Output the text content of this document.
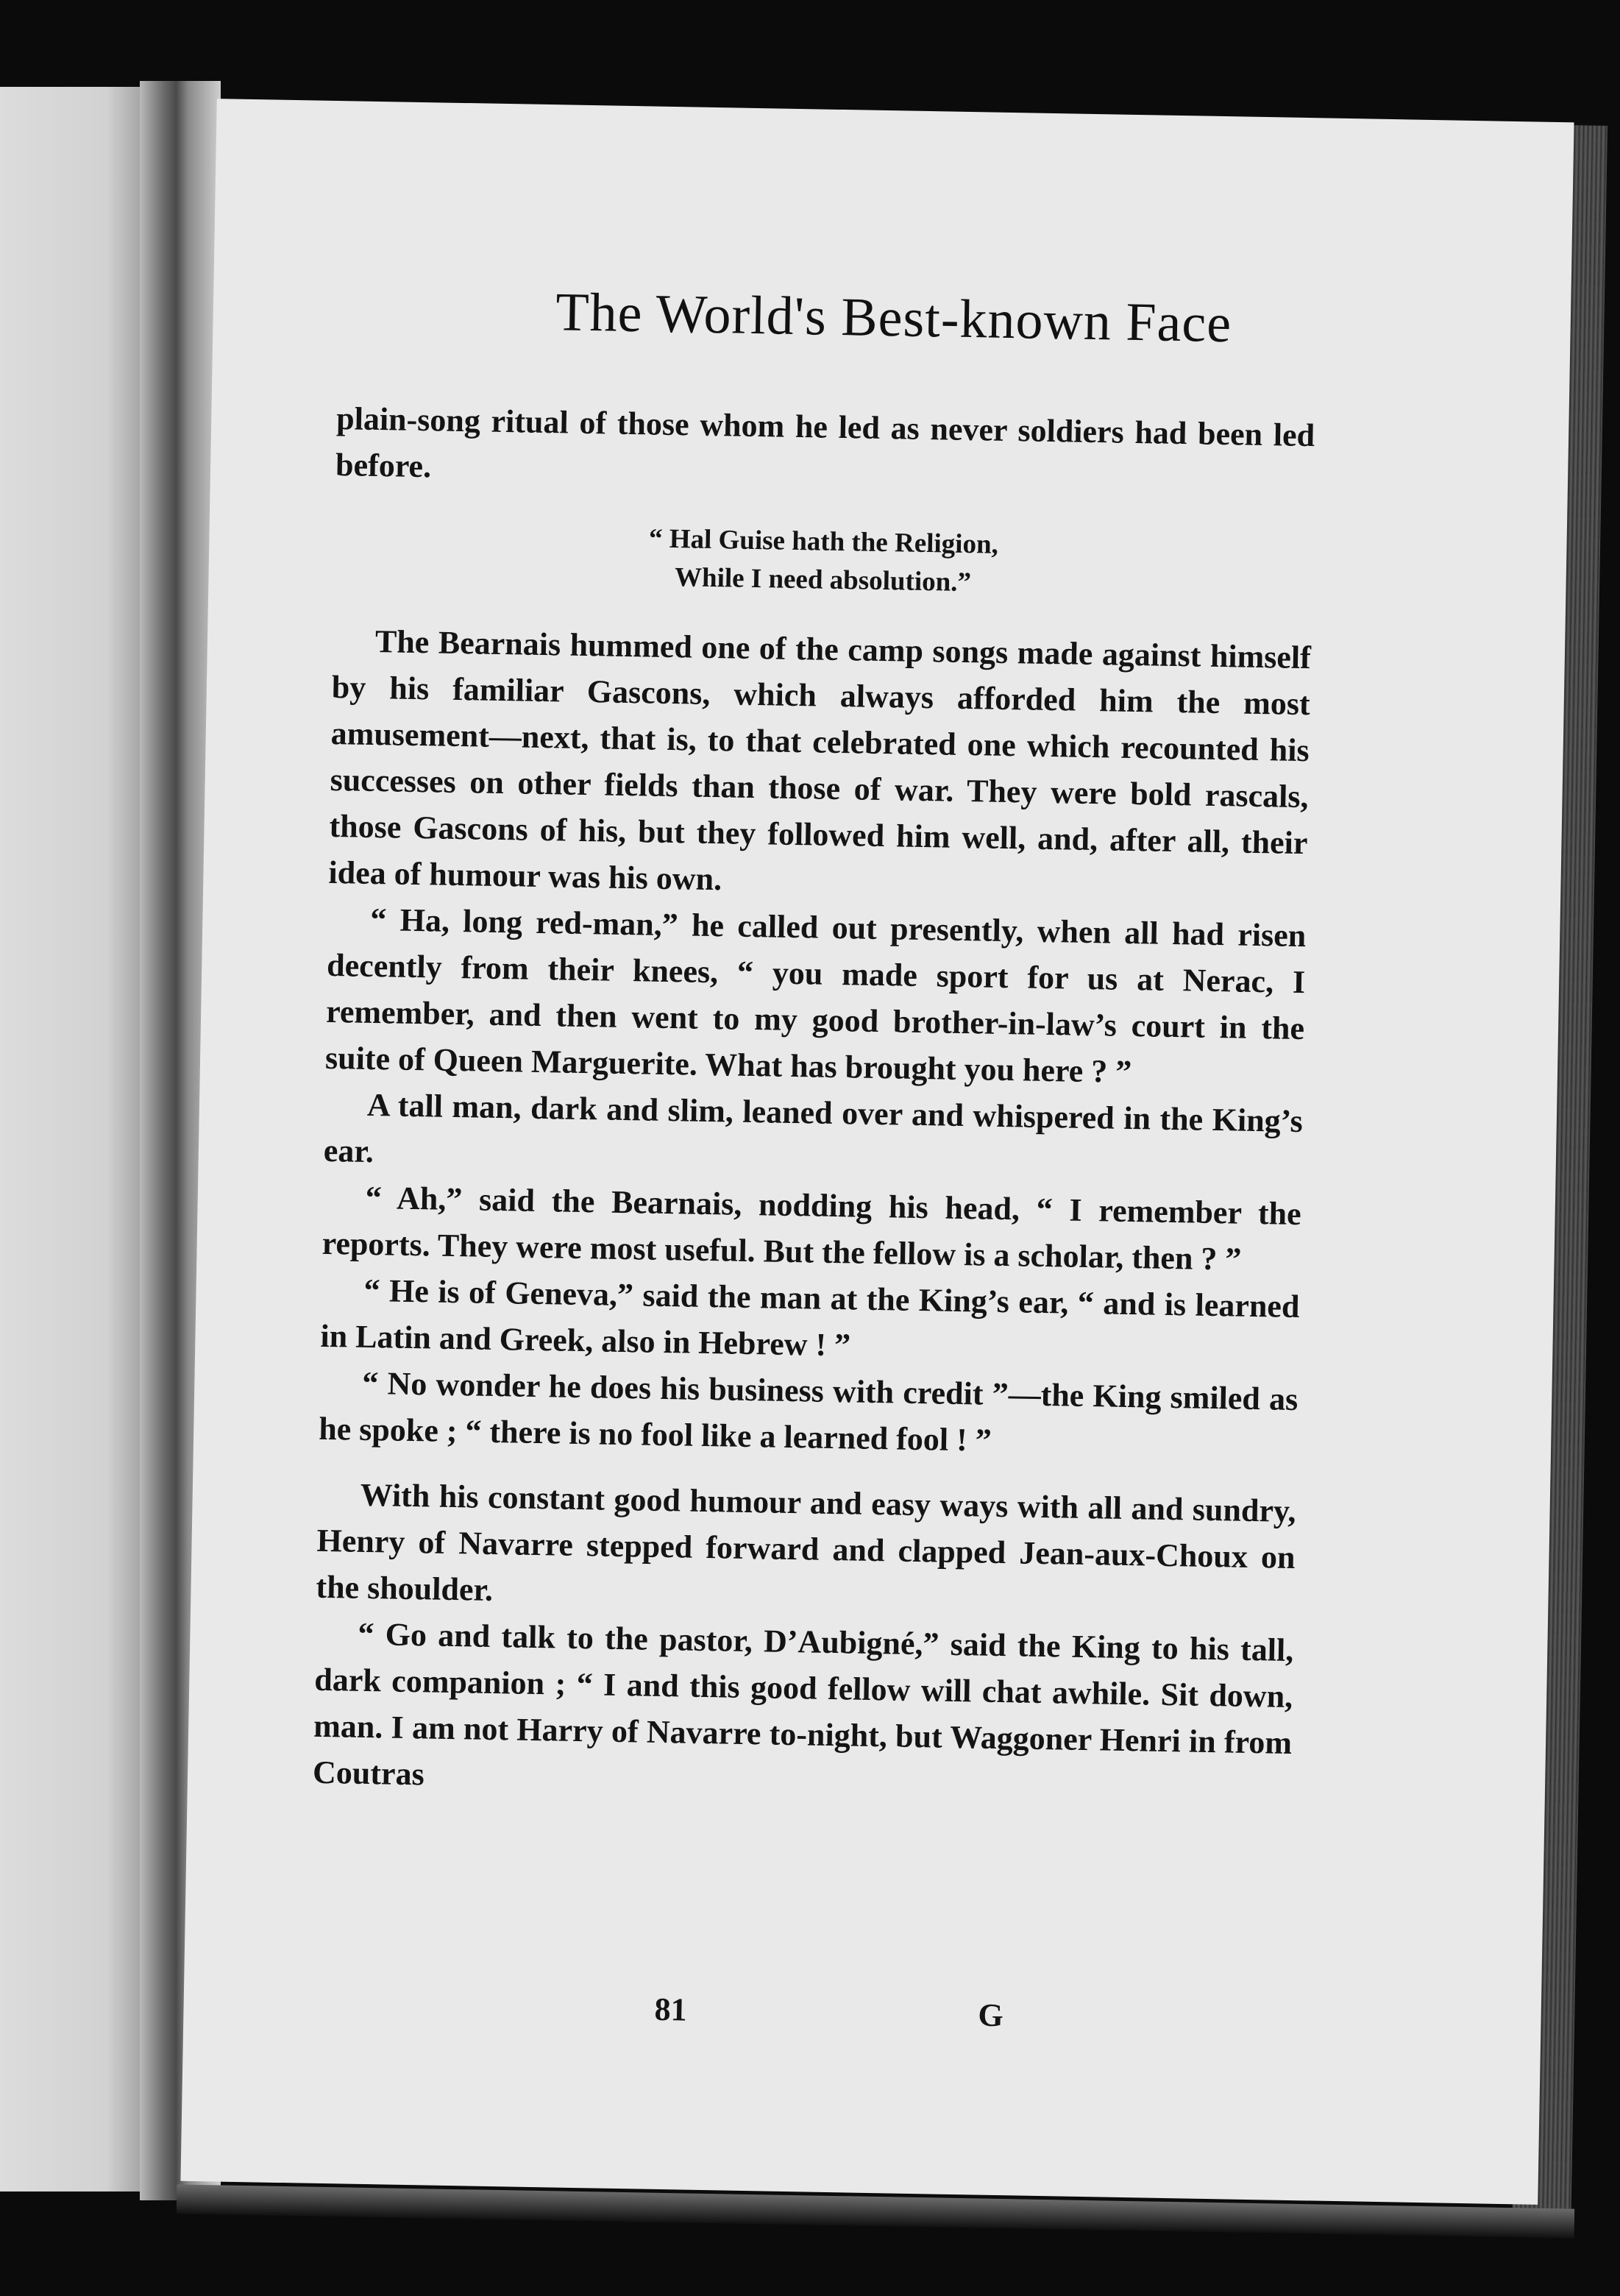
The World's Best-known Face

plain-song ritual of those whom he led as never soldiers had been led before.

“ Hal Guise hath the Religion,
While I need absolution.”

The Bearnais hummed one of the camp songs made against himself by his familiar Gascons, which always afforded him the most amusement—next, that is, to that celebrated one which recounted his successes on other fields than those of war. They were bold rascals, those Gascons of his, but they followed him well, and, after all, their idea of humour was his own.

“ Ha, long red-man,” he called out presently, when all had risen decently from their knees, “ you made sport for us at Nerac, I remember, and then went to my good brother-in-law’s court in the suite of Queen Marguerite. What has brought you here ? ”

A tall man, dark and slim, leaned over and whispered in the King’s ear.

“ Ah,” said the Bearnais, nodding his head, “ I remember the reports. They were most useful. But the fellow is a scholar, then ? ”

“ He is of Geneva,” said the man at the King’s ear, “ and is learned in Latin and Greek, also in Hebrew ! ”

“ No wonder he does his business with credit ”—the King smiled as he spoke ; “ there is no fool like a learned fool ! ”

With his constant good humour and easy ways with all and sundry, Henry of Navarre stepped forward and clapped Jean-aux-Choux on the shoulder.

“ Go and talk to the pastor, D’Aubigné,” said the King to his tall, dark companion ; “ I and this good fellow will chat awhile. Sit down, man. I am not Harry of Navarre to-night, but Waggoner Henri in from Coutras

81	G
